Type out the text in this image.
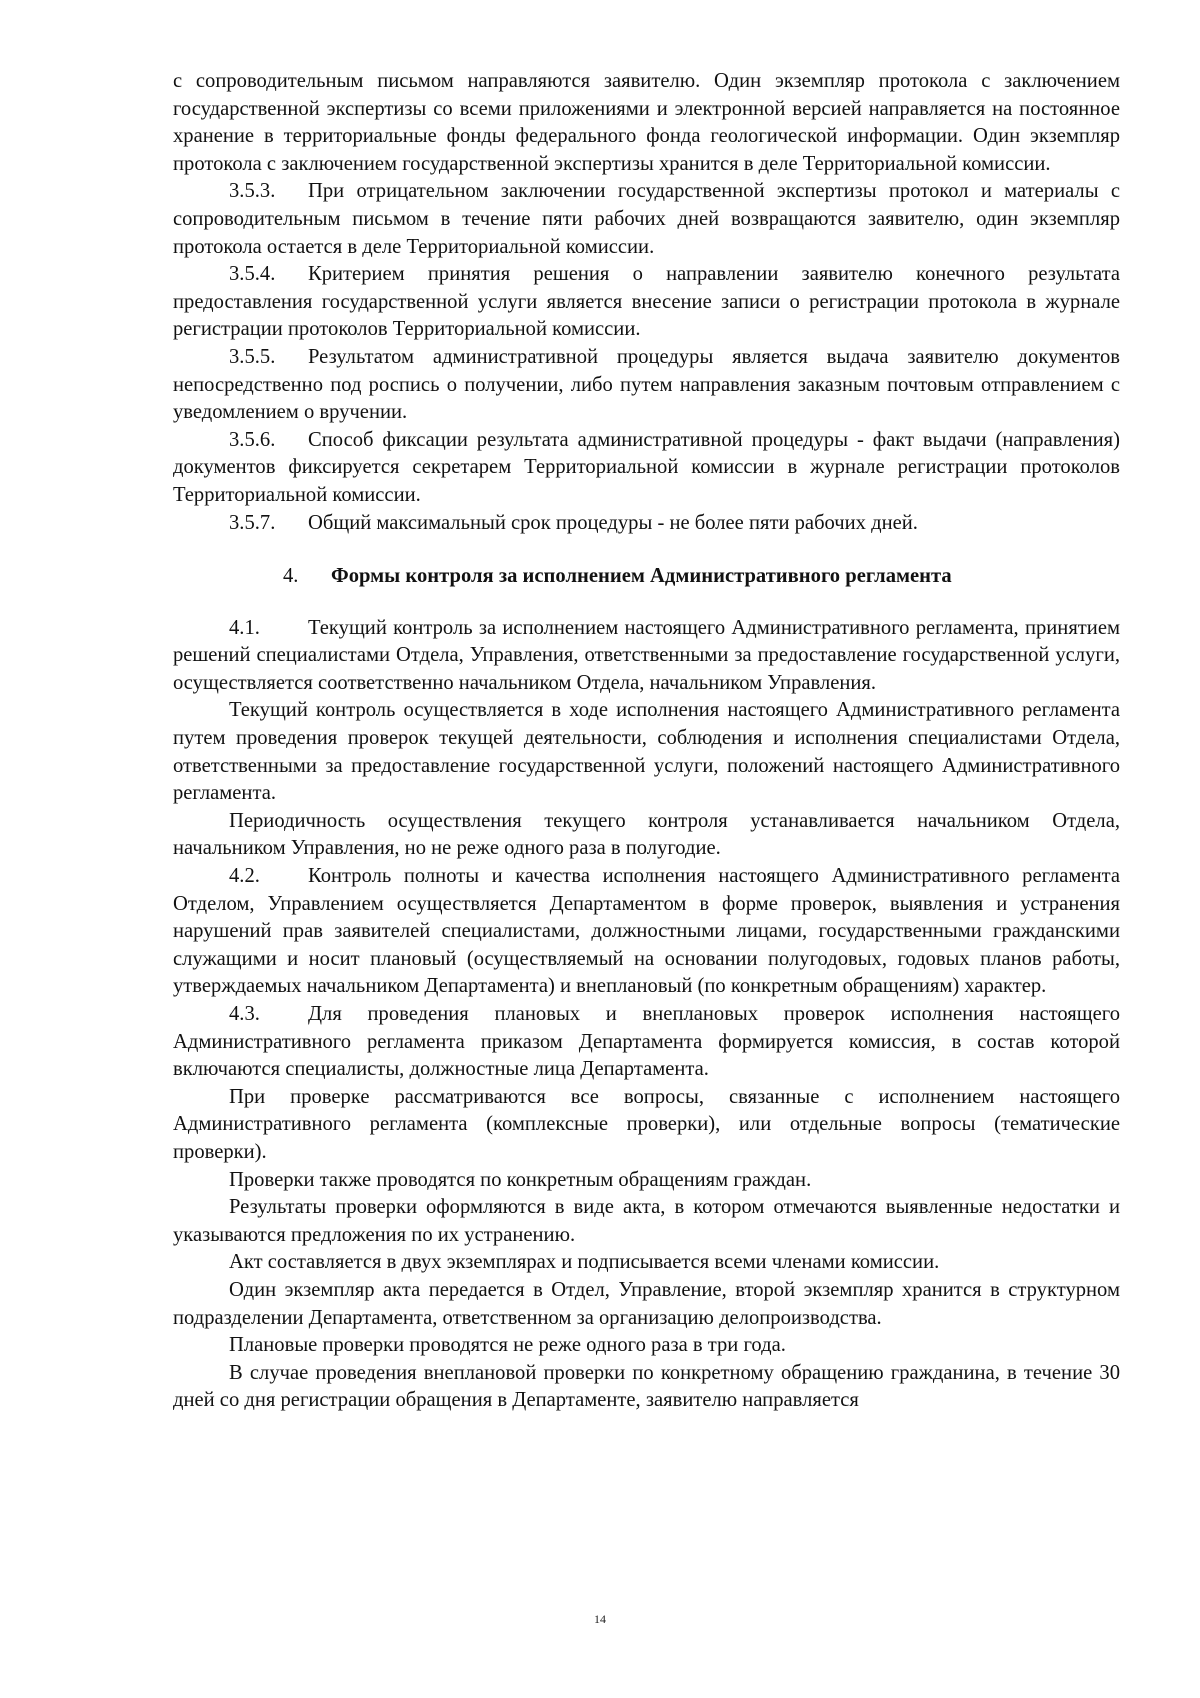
с сопроводительным письмом направляются заявителю. Один экземпляр протокола с заключением государственной экспертизы со всеми приложениями и электронной версией направляется на постоянное хранение в территориальные фонды федерального фонда геологической информации. Один экземпляр протокола с заключением государственной экспертизы хранится в деле Территориальной комиссии.

3.5.3. При отрицательном заключении государственной экспертизы протокол и материалы с сопроводительным письмом в течение пяти рабочих дней возвращаются заявителю, один экземпляр протокола остается в деле Территориальной комиссии.

3.5.4. Критерием принятия решения о направлении заявителю конечного результата предоставления государственной услуги является внесение записи о регистрации протокола в журнале регистрации протоколов Территориальной комиссии.

3.5.5. Результатом административной процедуры является выдача заявителю документов непосредственно под роспись о получении, либо путем направления заказным почтовым отправлением с уведомлением о вручении.

3.5.6. Способ фиксации результата административной процедуры - факт выдачи (направления) документов фиксируется секретарем Территориальной комиссии в журнале регистрации протоколов Территориальной комиссии.

3.5.7. Общий максимальный срок процедуры - не более пяти рабочих дней.

4. Формы контроля за исполнением Административного регламента

4.1. Текущий контроль за исполнением настоящего Административного регламента, принятием решений специалистами Отдела, Управления, ответственными за предоставление государственной услуги, осуществляется соответственно начальником Отдела, начальником Управления.

Текущий контроль осуществляется в ходе исполнения настоящего Административного регламента путем проведения проверок текущей деятельности, соблюдения и исполнения специалистами Отдела, ответственными за предоставление государственной услуги, положений настоящего Административного регламента.

Периодичность осуществления текущего контроля устанавливается начальником Отдела, начальником Управления, но не реже одного раза в полугодие.

4.2. Контроль полноты и качества исполнения настоящего Административного регламента Отделом, Управлением осуществляется Департаментом в форме проверок, выявления и устранения нарушений прав заявителей специалистами, должностными лицами, государственными гражданскими служащими и носит плановый (осуществляемый на основании полугодовых, годовых планов работы, утверждаемых начальником Департамента) и внеплановый (по конкретным обращениям) характер.

4.3. Для проведения плановых и внеплановых проверок исполнения настоящего Административного регламента приказом Департамента формируется комиссия, в состав которой включаются специалисты, должностные лица Департамента.

При проверке рассматриваются все вопросы, связанные с исполнением настоящего Административного регламента (комплексные проверки), или отдельные вопросы (тематические проверки).

Проверки также проводятся по конкретным обращениям граждан.

Результаты проверки оформляются в виде акта, в котором отмечаются выявленные недостатки и указываются предложения по их устранению.

Акт составляется в двух экземплярах и подписывается всеми членами комиссии.

Один экземпляр акта передается в Отдел, Управление, второй экземпляр хранится в структурном подразделении Департамента, ответственном за организацию делопроизводства.

Плановые проверки проводятся не реже одного раза в три года.

В случае проведения внеплановой проверки по конкретному обращению гражданина, в течение 30 дней со дня регистрации обращения в Департаменте, заявителю направляется

14
